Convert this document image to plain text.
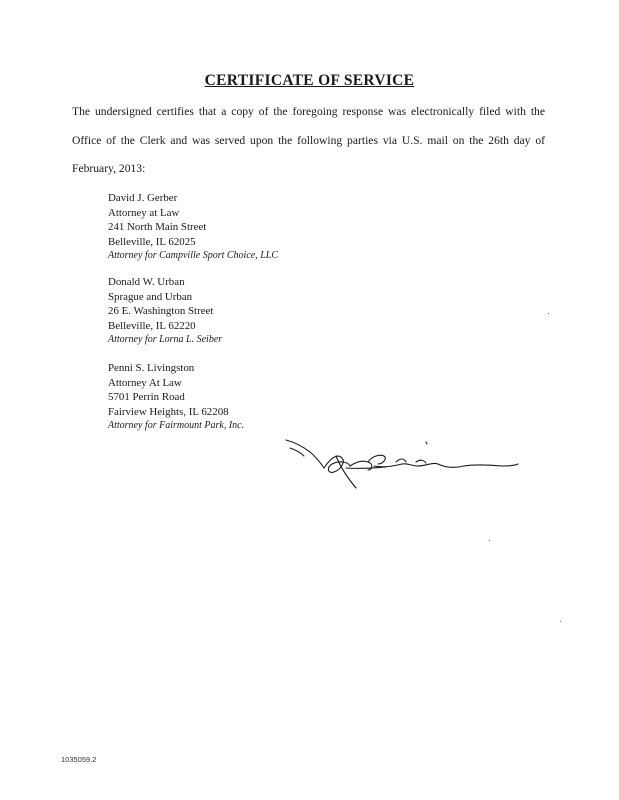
CERTIFICATE OF SERVICE
The undersigned certifies that a copy of the foregoing response was electronically filed with the Office of the Clerk and was served upon the following parties via U.S. mail on the 26th day of February, 2013:
David J. Gerber
Attorney at Law
241 North Main Street
Belleville, IL 62025
Attorney for Campville Sport Choice, LLC
Donald W. Urban
Sprague and Urban
26 E. Washington Street
Belleville, IL 62220
Attorney for Lorna L. Seiber
Penni S. Livingston
Attorney At Law
5701 Perrin Road
Fairview Heights, IL 62208
Attorney for Fairmount Park, Inc.
1035059.2
